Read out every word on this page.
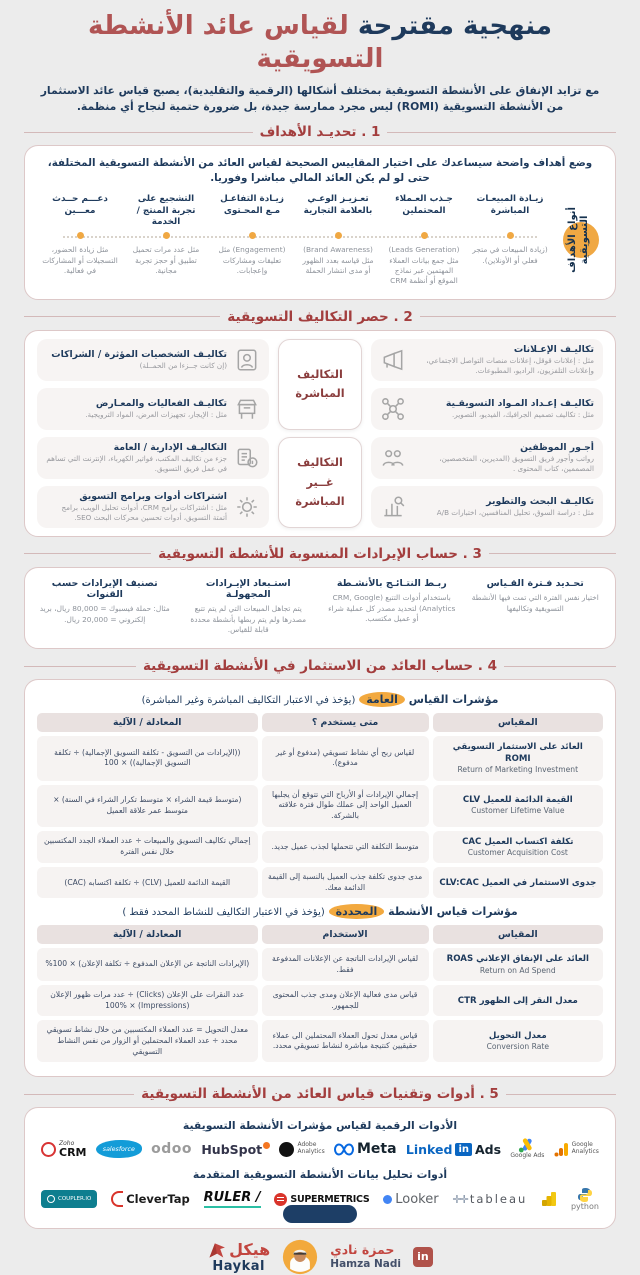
منهجية مقترحة لقياس عائد الأنشطة التسويقية

مع تزايد الإنفاق على الأنشطة التسويقية بمختلف أشكالها (الرقمية والتقليدية)، يصبح قياس عائد الاستثمار من الأنشطة التسويقية (ROMI) ليس مجرد ممارسة جيدة، بل ضرورة حتمية لنجاح أي منظمة.

1 . تحديـد الأهداف

وضع أهداف واضحة سيساعدك على اختيار المقاييس الصحيحة لقياس العائد من الأنشطة التسويقية المختلفة، حتى لو لم يكن العائد المالي مباشرا وفوريا.

أنواع الأهداف التسويقية
زيـادة المبيعـات المباشرة
(زيادة المبيعات في متجر فعلي أو الأونلاين).
جـذب العـملاء المحتملين
(Leads Generation) مثل جمع بيانات العملاء المهتمين عبر نماذج الموقع أو أنظمة CRM
تعـزيـز الوعـي بالعلامة التجارية
(Brand Awareness) مثل قياسه بعدد الظهور أو مدى انتشار الحملة
زيـادة التفاعـل مـع المحـتوى
(Engagement) مثل تعليقات ومشاركات وإعجابات.
التشجيع على تجربة المنتج / الخدمة
مثل عدد مرات تحميل تطبيق أو حجز تجربة مجانية.
دعـــم حــدث معـــين
مثل زيادة الحضور، التسجيلات أو المشاركات في فعالية.
2 . حصر التكاليف التسويقية
تكاليـف الإعـلانات
مثل : إعلانات قوقل، إعلانات منصات التواصل الاجتماعي، وإعلانات التلفزيون، الراديو، المطبوعات.
تكاليـف الشخصيات المؤثرة / الشراكات
(إن كانت جــزءا من الحمــلة)
التكاليف المباشرة
تكاليـف إعـداد المـواد التسويقـية
مثل : تكاليف تصميم الجرافيك، الفيديو، التصوير.
تكاليـف الفعاليات والمعـارض
مثل : الإيجار، تجهيزات العرض، المواد الترويجية.
أجـور الموظفين
رواتب وأجور فريق التسويق (المديرين، المتخصصين، المصممين، كتاب المحتوى .
التكاليـف الإدارية / العامة
جزء من تكاليف المكتب، فواتير الكهرباء، الإنترنت التي تساهم في عمل فريق التسويق.	التكاليف غــير المباشرة	تكاليـف البحث والتطوير
مثل : دراسة السوق، تحليل المنافسين، اختبارات A/B
اشتراكات أدوات وبرامج التسويق
مثل : اشتراكات برامج CRM، أدوات تحليل الويب، برامج أتمتة التسويق، أدوات تحسين محركات البحث SEO.
3 . حساب الإيرادات المنسوبة للأنشطة التسويقية
تحـديد فـترة القـياس
اختيار نفس الفترة التي تمت فيها الأنشطة التسويقية وتكاليفها
ربـط النتـائـج بالأنشـطة
باستخدام أدوات التتبع (CRM, Google Analytics) لتحديد مصدر كل عملية شراء أو عميل مكتسب.
استـبعاد الإيـرادات المجهولـة
يتم تجاهل المبيعات التي لم يتم تتبع مصدرها ولم يتم ربطها بأنشطة محددة قابلة للقياس.
تصنيف الإيرادات حسب القنوات
مثال: حملة فيسبوك = 80,000 ريال، بريد إلكتروني = 20,000 ريال.
4 . حساب العائد من الاستثمار في الأنشطة التسويقية
مؤشرات القياس العامة (يؤخذ في الاعتبار التكاليف المباشرة وغير المباشرة)
المقياس
متى يستخدم ؟
المعادلة / الآلية
العائد على الاستثمار التسويقي ROMI
Return of Marketing Investment
لقياس ربح أي نشاط تسويقي (مدفوع أو غير مدفوع).
((الإيرادات من التسويق - تكلفة التسويق الإجمالية) ÷ تكلفة التسويق الإجمالية)) × 100
القيمة الدائمة للعميل CLV
Customer Lifetime Value
إجمالي الإيرادات أو الأرباح التي تتوقع أن يجلبها العميل الواحد إلى عملك طوال فترة علاقته بالشركة.
(متوسط قيمة الشراء × متوسط تكرار الشراء في السنة) × متوسط عمر علاقة العميل
تكلفة اكتساب العميل CAC
Customer Acquisition Cost
متوسط التكلفة التي تتحملها لجذب عميل جديد.
إجمالي تكاليف التسويق والمبيعات ÷ عدد العملاء الجدد المكتسبين خلال نفس الفترة
جدوى الاستثمار في العميل CLV:CAC
مدى جدوى تكلفة جذب العميل بالنسبة إلى القيمة الدائمة معك.
القيمة الدائمة للعميل (CLV) ÷ تكلفة اكتسابه (CAC)
مؤشرات قياس الأنشطة المحددة (يؤخذ في الاعتبار التكاليف للنشاط المحدد فقط )
المقياس
الاستخدام
المعادلة / الآلية
العائد على الإنفاق الإعلاني ROAS
Return on Ad Spend
لقياس الإيرادات الناتجة عن الإعلانات المدفوعة فقط.
(الإيرادات الناتجة عن الإعلان المدفوع ÷ تكلفة الإعلان) × 100%
معدل النقر إلى الظهور CTR
قياس مدى فعالية الإعلان ومدى جذب المحتوى للجمهور.
عدد النقرات على الإعلان (Clicks) ÷ عدد مرات ظهور الإعلان (Impressions) × 100%
معدل التحويل
Conversion Rate
قياس معدل تحول العملاء المحتملين الى عملاء حقيقيين كنتيجة مباشرة لنشاط تسويقي محدد.
معدل التحويل = عدد العملاء المكتسبين من خلال نشاط تسويقي محدد ÷ عدد العملاء المحتملين أو الزوار من نفس النشاط التسويقي
5 . أدوات وتقنيات قياس العائد من الأنشطة التسويقية
الأدوات الرقمية لقياس مؤشرات الأنشطة التسويقية
Zoho
CRM	salesforce	odoo HubSpot	Adobe
Analytics Meta Linked in Ads Google Ads
Google
Analytics
أدوات تحليل بيانات الأنشطة التسويقية المتقدمة
COUPLER.IO	CleverTap RULER /	SUPERMETRICS Looker ✛✛ tableau
python
هيكل
Haykal
حمزة نادي
Hamza Nadi
in
